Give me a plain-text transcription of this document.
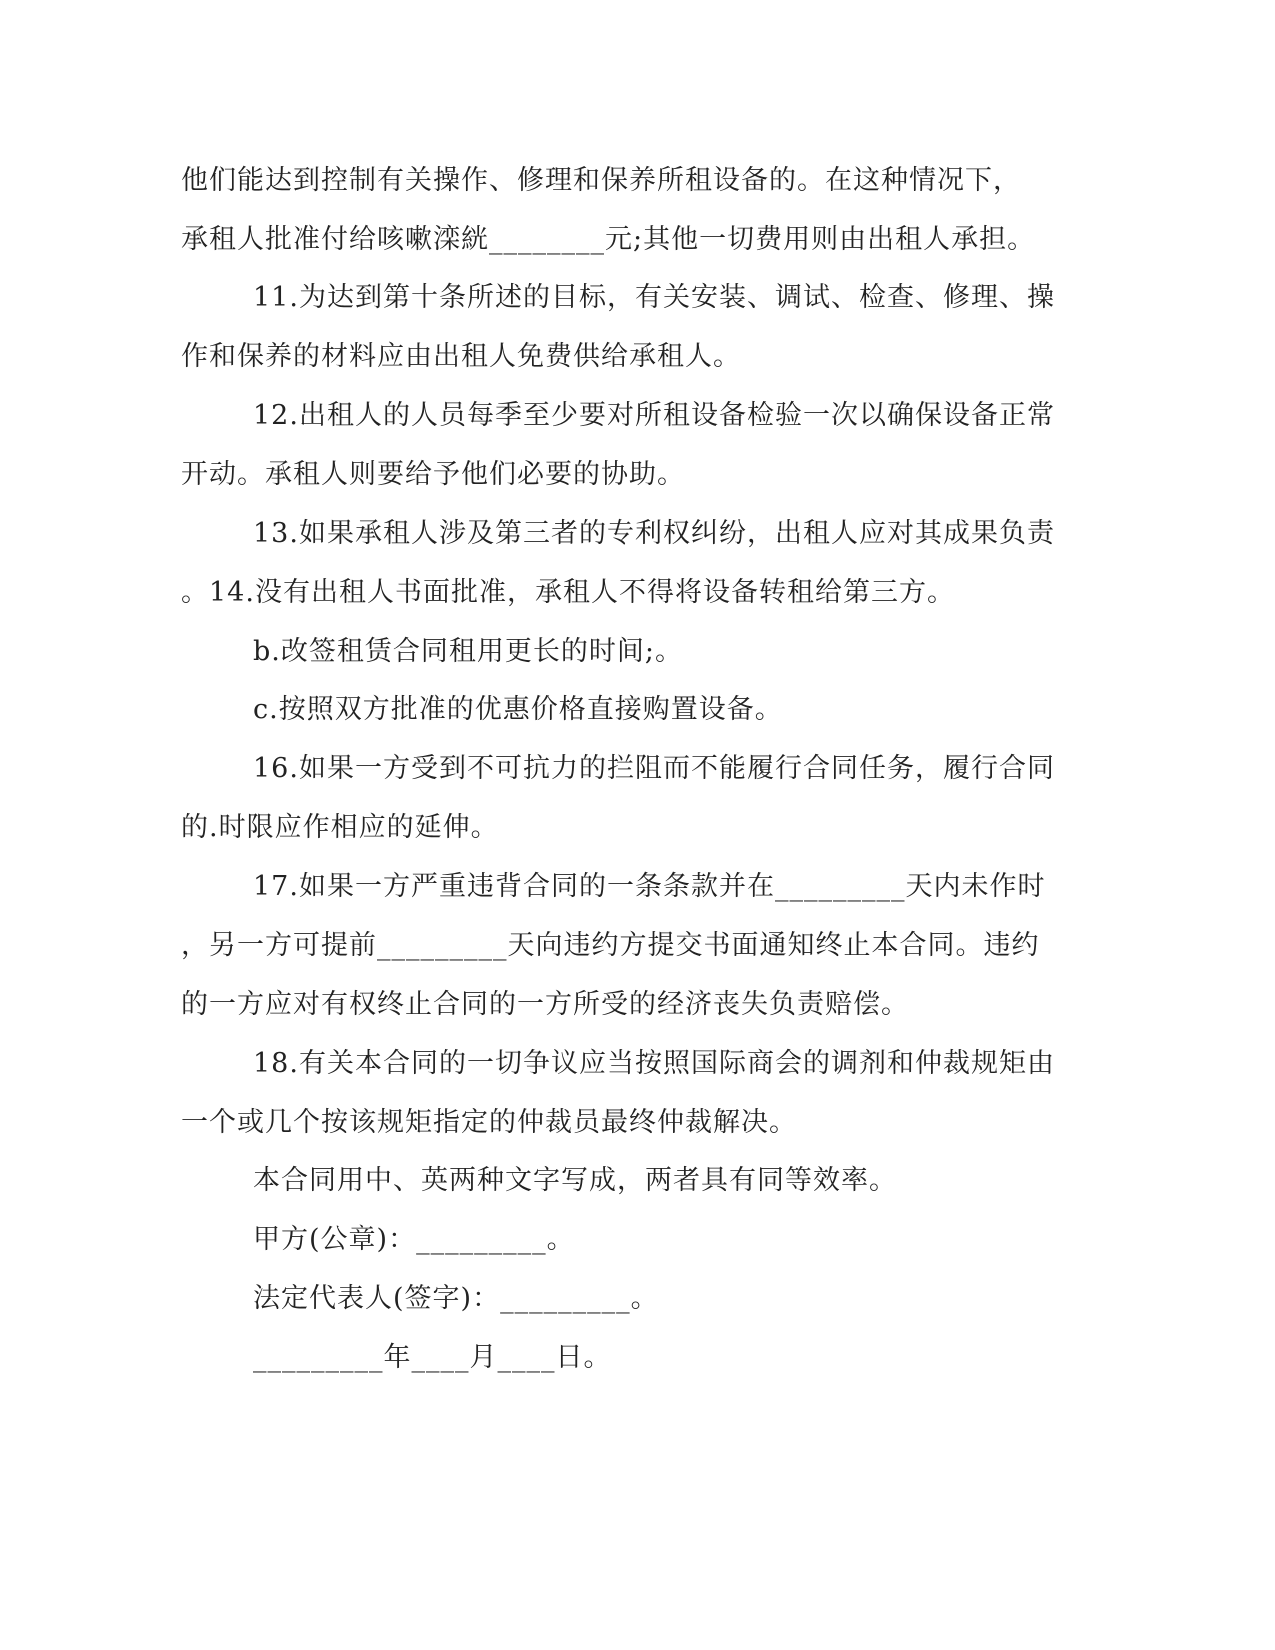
他们能达到控制有关操作、修理和保养所租设备的。在这种情况下，
承租人批准付给咳嗽滦絖________元;其他一切费用则由出租人承担。
11.为达到第十条所述的目标，有关安装、调试、检查、修理、操
作和保养的材料应由出租人免费供给承租人。
12.出租人的人员每季至少要对所租设备检验一次以确保设备正常
开动。承租人则要给予他们必要的协助。
13.如果承租人涉及第三者的专利权纠纷，出租人应对其成果负责
。14.没有出租人书面批准，承租人不得将设备转租给第三方。
b.改签租赁合同租用更长的时间;。
c.按照双方批准的优惠价格直接购置设备。
16.如果一方受到不可抗力的拦阻而不能履行合同任务，履行合同
的.时限应作相应的延伸。
17.如果一方严重违背合同的一条条款并在_________天内未作时
，另一方可提前_________天向违约方提交书面通知终止本合同。违约
的一方应对有权终止合同的一方所受的经济丧失负责赔偿。
18.有关本合同的一切争议应当按照国际商会的调剂和仲裁规矩由
一个或几个按该规矩指定的仲裁员最终仲裁解决。
本合同用中、英两种文字写成，两者具有同等效率。
甲方(公章)：_________。
法定代表人(签字)：_________。
_________年____月____日。
